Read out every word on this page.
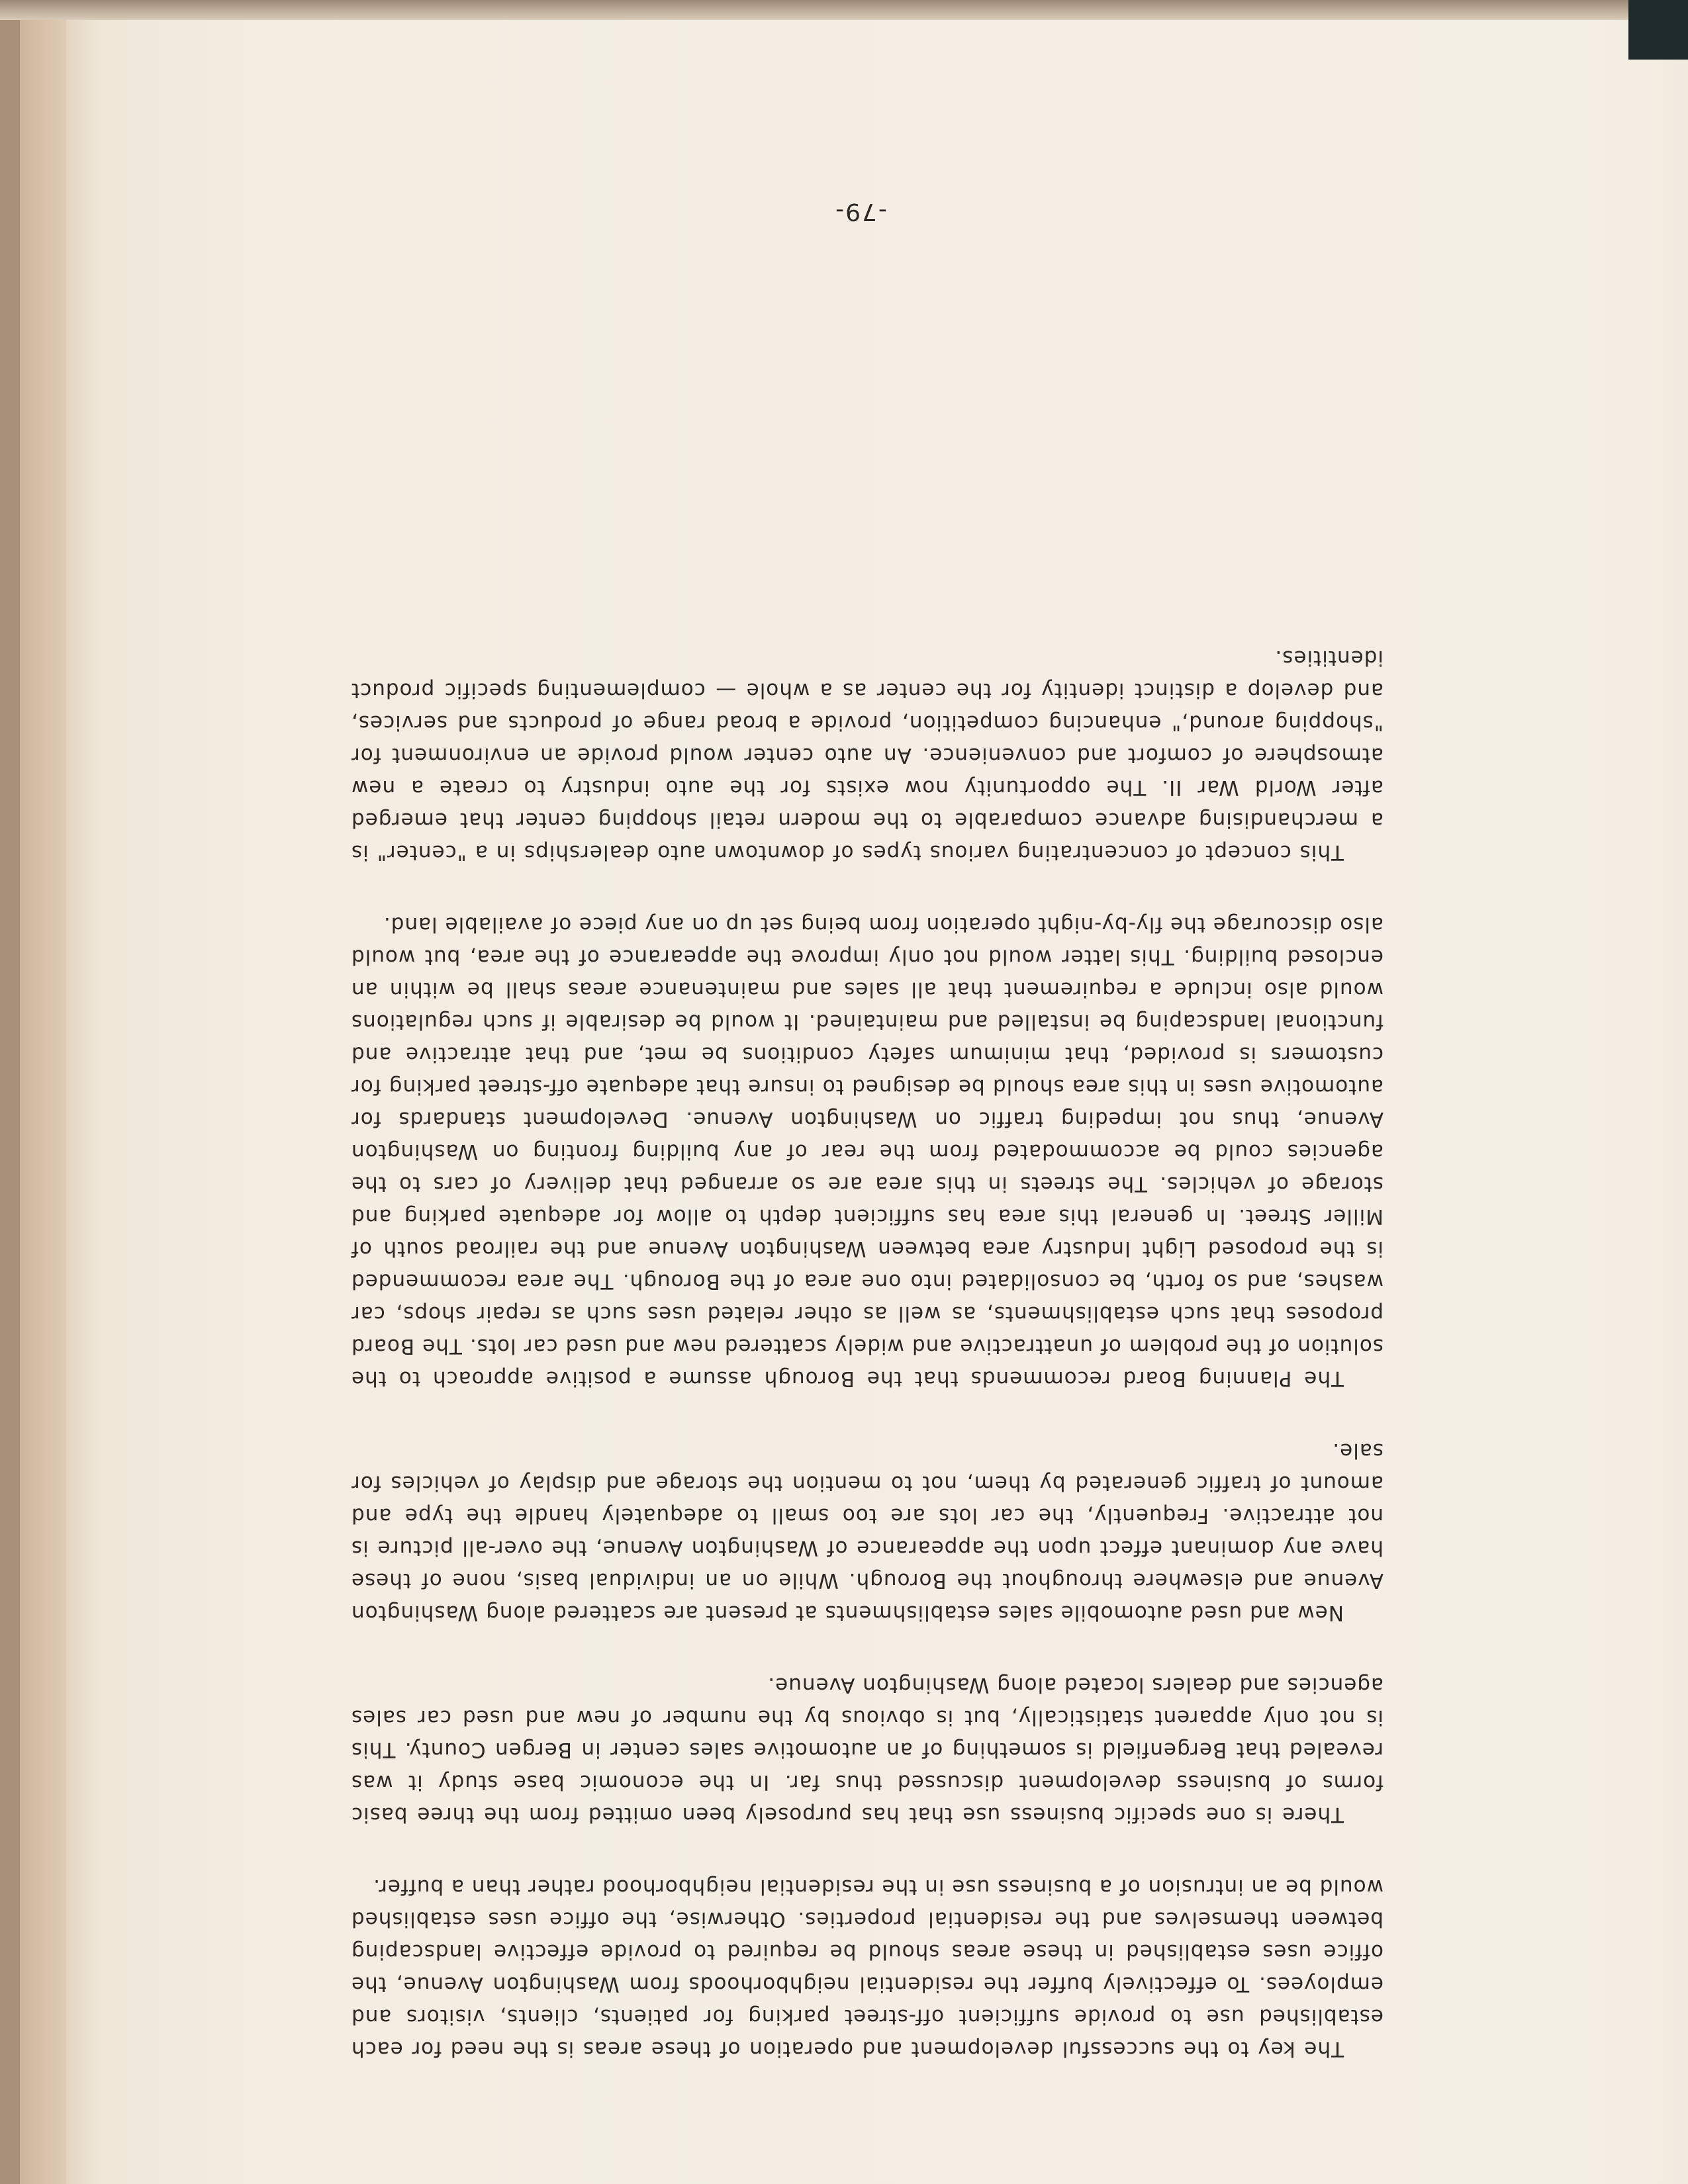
The key to the successful development and operation of these areas is the need for each established use to provide sufficient off-street parking for patients, clients, visitors and employees. To effectively buffer the residential neighborhoods from Washington Avenue, the office uses established in these areas should be required to provide effective landscaping between themselves and the residential properties. Otherwise, the office uses established would be an intrusion of a business use in the residential neighborhood rather than a buffer.

There is one specific business use that has purposely been omitted from the three basic forms of business development discussed thus far. In the economic base study it was revealed that Bergenfield is something of an automotive sales center in Bergen County. This is not only apparent statistically, but is obvious by the number of new and used car sales agencies and dealers located along Washington Avenue.

New and used automobile sales establishments at present are scattered along Washington Avenue and elsewhere throughout the Borough. While on an individual basis, none of these have any dominant effect upon the appearance of Washington Avenue, the over-all picture is not attractive. Frequently, the car lots are too small to adequately handle the type and amount of traffic generated by them, not to mention the storage and display of vehicles for sale.

The Planning Board recommends that the Borough assume a positive approach to the solution of the problem of unattractive and widely scattered new and used car lots. The Board proposes that such establishments, as well as other related uses such as repair shops, car washes, and so forth, be consolidated into one area of the Borough. The area recommended is the proposed Light Industry area between Washington Avenue and the railroad south of Miller Street. In general this area has sufficient depth to allow for adequate parking and storage of vehicles. The streets in this area are so arranged that delivery of cars to the agencies could be accommodated from the rear of any building fronting on Washington Avenue, thus not impeding traffic on Washington Avenue. Development standards for automotive uses in this area should be designed to insure that adequate off-street parking for customers is provided, that minimum safety conditions be met, and that attractive and functional landscaping be installed and maintained. It would be desirable if such regulations would also include a requirement that all sales and maintenance areas shall be within an enclosed building. This latter would not only improve the appearance of the area, but would also discourage the fly-by-night operation from being set up on any piece of available land.

This concept of concentrating various types of downtown auto dealerships in a "center" is a merchandising advance comparable to the modern retail shopping center that emerged after World War II. The opportunity now exists for the auto industry to create a new atmosphere of comfort and convenience. An auto center would provide an environment for "shopping around," enhancing competition, provide a broad range of products and services, and develop a distinct identity for the center as a whole — complementing specific product identities.

-79-
